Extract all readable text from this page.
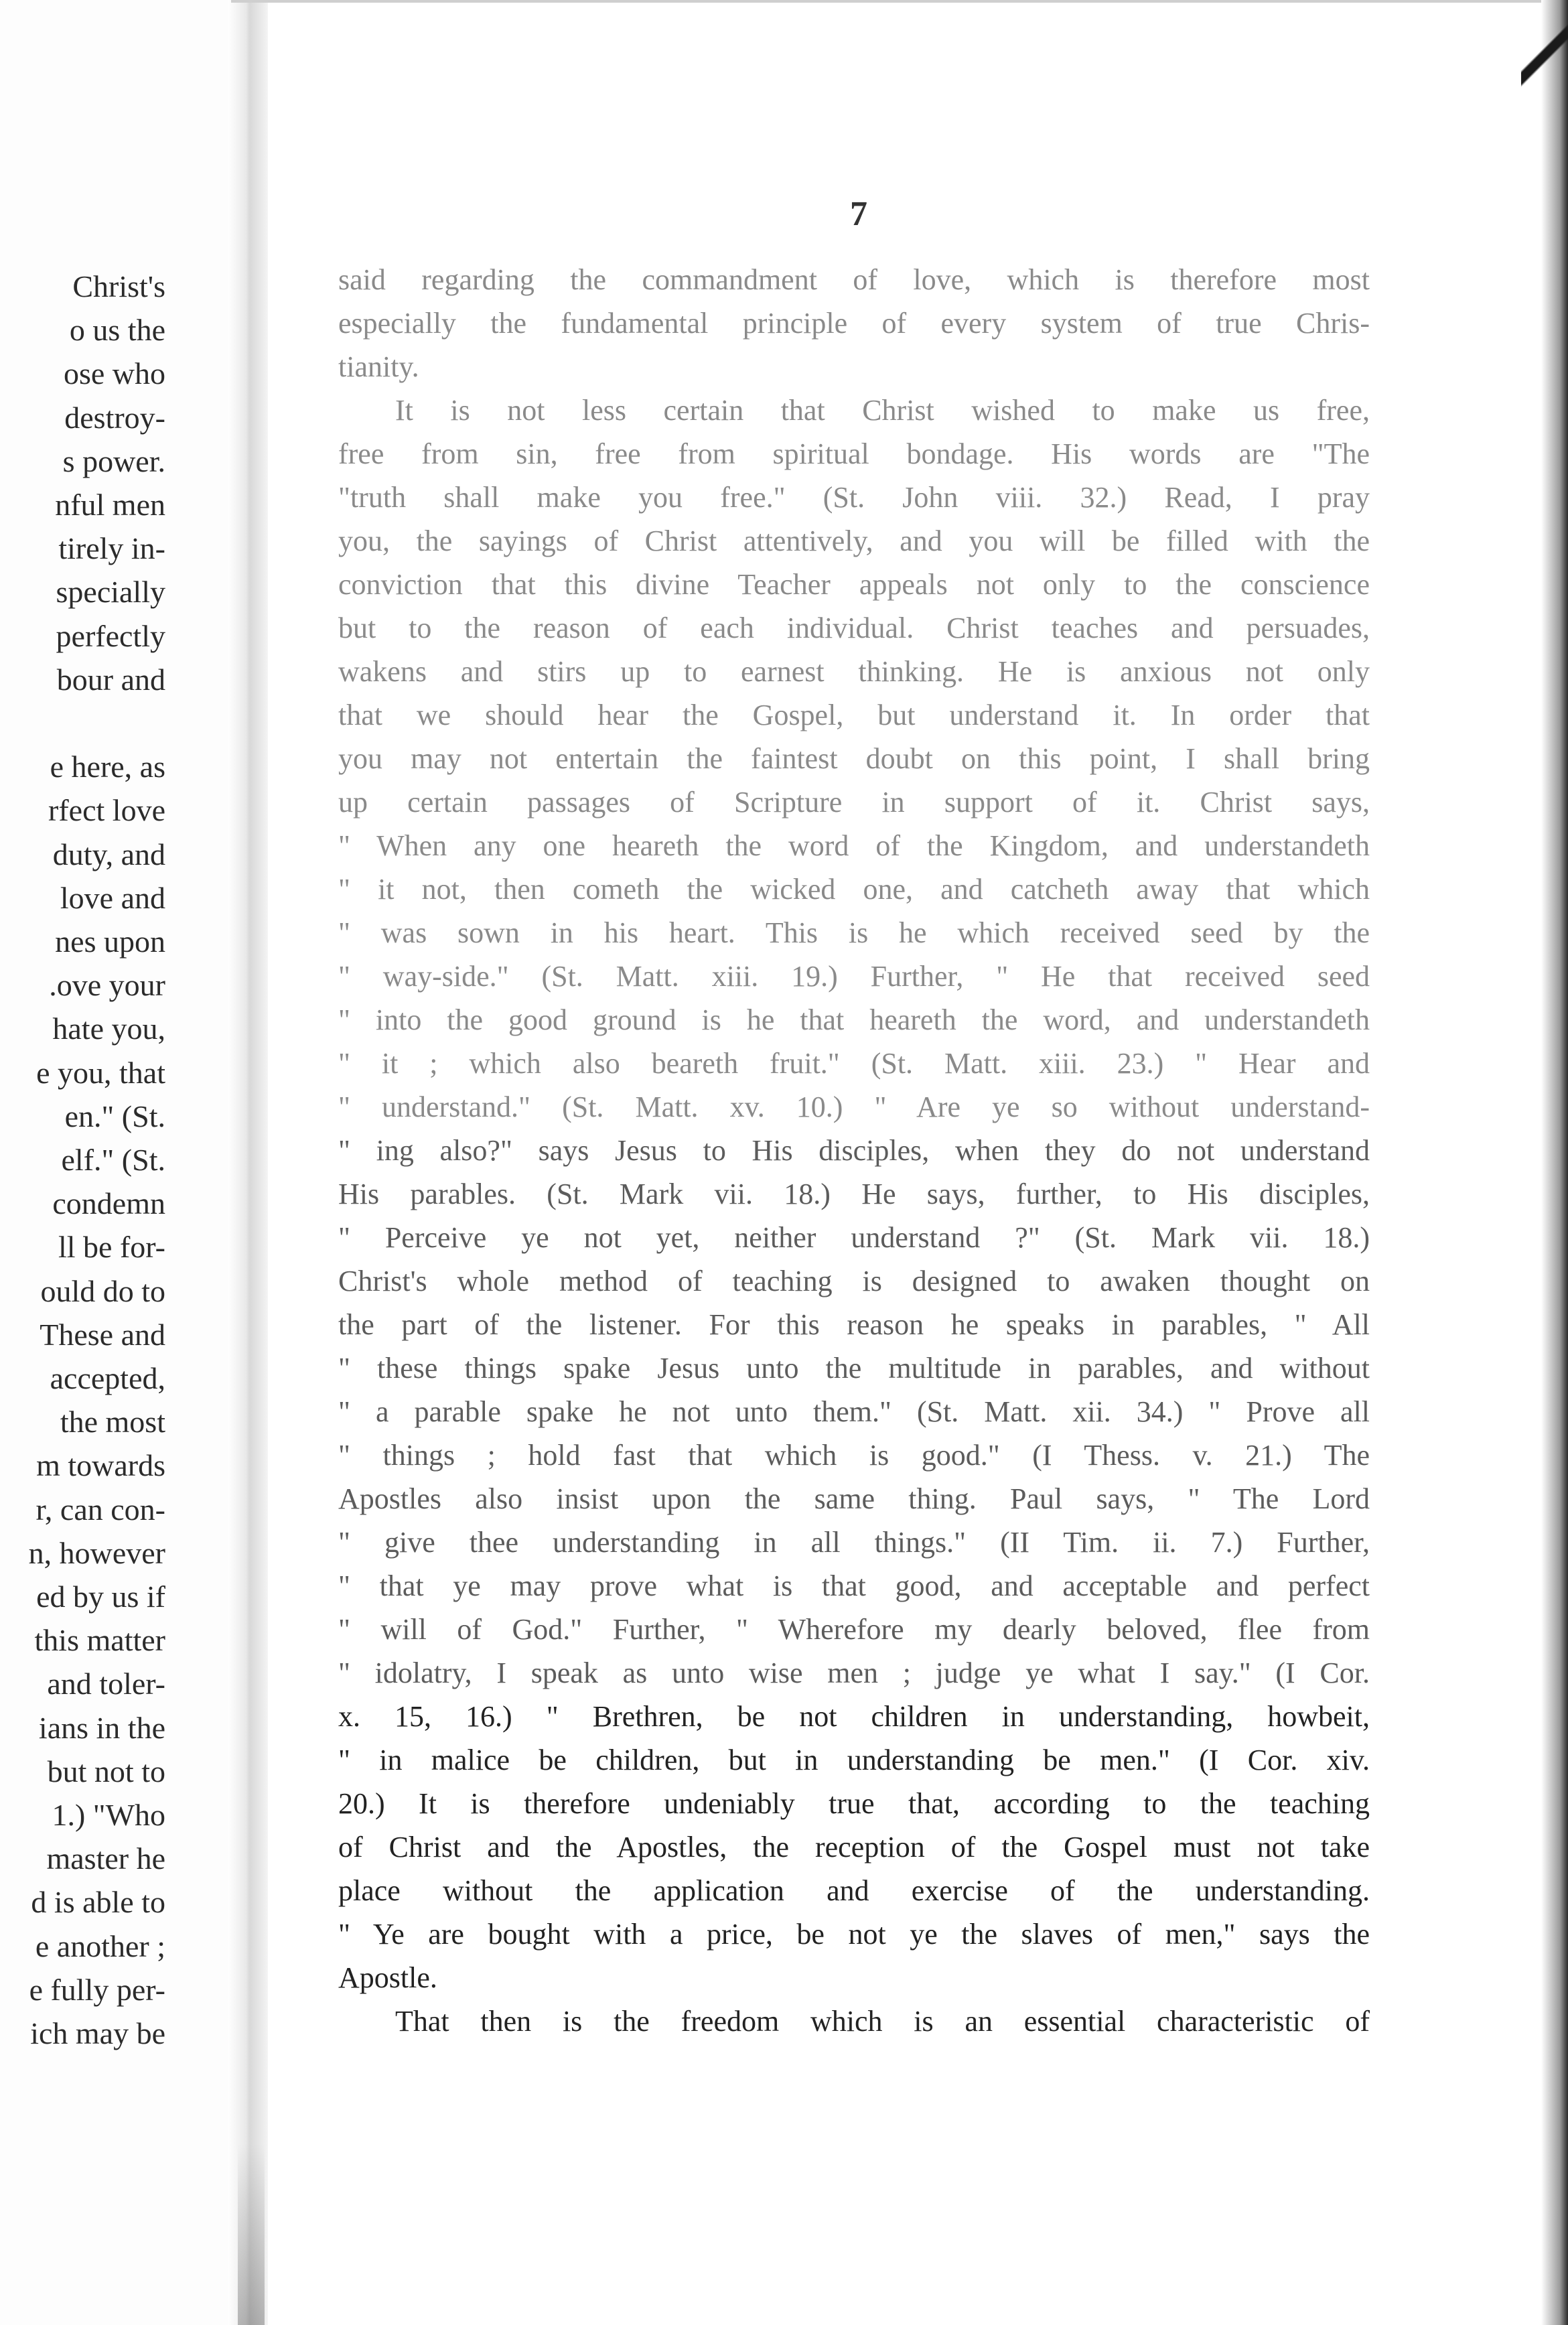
Christ's
o us the
ose who
destroy-
s power.
nful men
tirely in-
specially
perfectly
bour and
e here, as
rfect love
duty, and
love and
nes upon
.ove your
hate you,
e you, that
en." (St.
elf." (St.
condemn
ll be for-
ould do to
These and
accepted,
the most
m towards
r, can con-
n, however
ed by us if
this matter
and toler-
ians in the
but not to
1.) "Who
master he
d is able to
e another ;
e fully per-
ich may be
7
said regarding the commandment of love, which is therefore most
especially the fundamental principle of every system of true Chris-
tianity.
It is not less certain that Christ wished to make us free,
free from sin, free from spiritual bondage. His words are "The
"truth shall make you free." (St. John viii. 32.) Read, I pray
you, the sayings of Christ attentively, and you will be filled with the
conviction that this divine Teacher appeals not only to the conscience
but to the reason of each individual. Christ teaches and persuades,
wakens and stirs up to earnest thinking. He is anxious not only
that we should hear the Gospel, but understand it. In order that
you may not entertain the faintest doubt on this point, I shall bring
up certain passages of Scripture in support of it. Christ says,
" When any one heareth the word of the Kingdom, and understandeth
" it not, then cometh the wicked one, and catcheth away that which
" was sown in his heart. This is he which received seed by the
" way-side." (St. Matt. xiii. 19.) Further, " He that received seed
" into the good ground is he that heareth the word, and understandeth
" it ; which also beareth fruit." (St. Matt. xiii. 23.) " Hear and
" understand." (St. Matt. xv. 10.) " Are ye so without understand-
" ing also?" says Jesus to His disciples, when they do not understand
His parables. (St. Mark vii. 18.) He says, further, to His disciples,
" Perceive ye not yet, neither understand ?" (St. Mark vii. 18.)
Christ's whole method of teaching is designed to awaken thought on
the part of the listener. For this reason he speaks in parables, " All
" these things spake Jesus unto the multitude in parables, and without
" a parable spake he not unto them." (St. Matt. xii. 34.) " Prove all
" things ; hold fast that which is good." (I Thess. v. 21.) The
Apostles also insist upon the same thing. Paul says, " The Lord
" give thee understanding in all things." (II Tim. ii. 7.) Further,
" that ye may prove what is that good, and acceptable and perfect
" will of God." Further, " Wherefore my dearly beloved, flee from
" idolatry, I speak as unto wise men ; judge ye what I say." (I Cor.
x. 15, 16.) " Brethren, be not children in understanding, howbeit,
" in malice be children, but in understanding be men." (I Cor. xiv.
20.) It is therefore undeniably true that, according to the teaching
of Christ and the Apostles, the reception of the Gospel must not take
place without the application and exercise of the understanding.
" Ye are bought with a price, be not ye the slaves of men," says the
Apostle.
That then is the freedom which is an essential characteristic of
